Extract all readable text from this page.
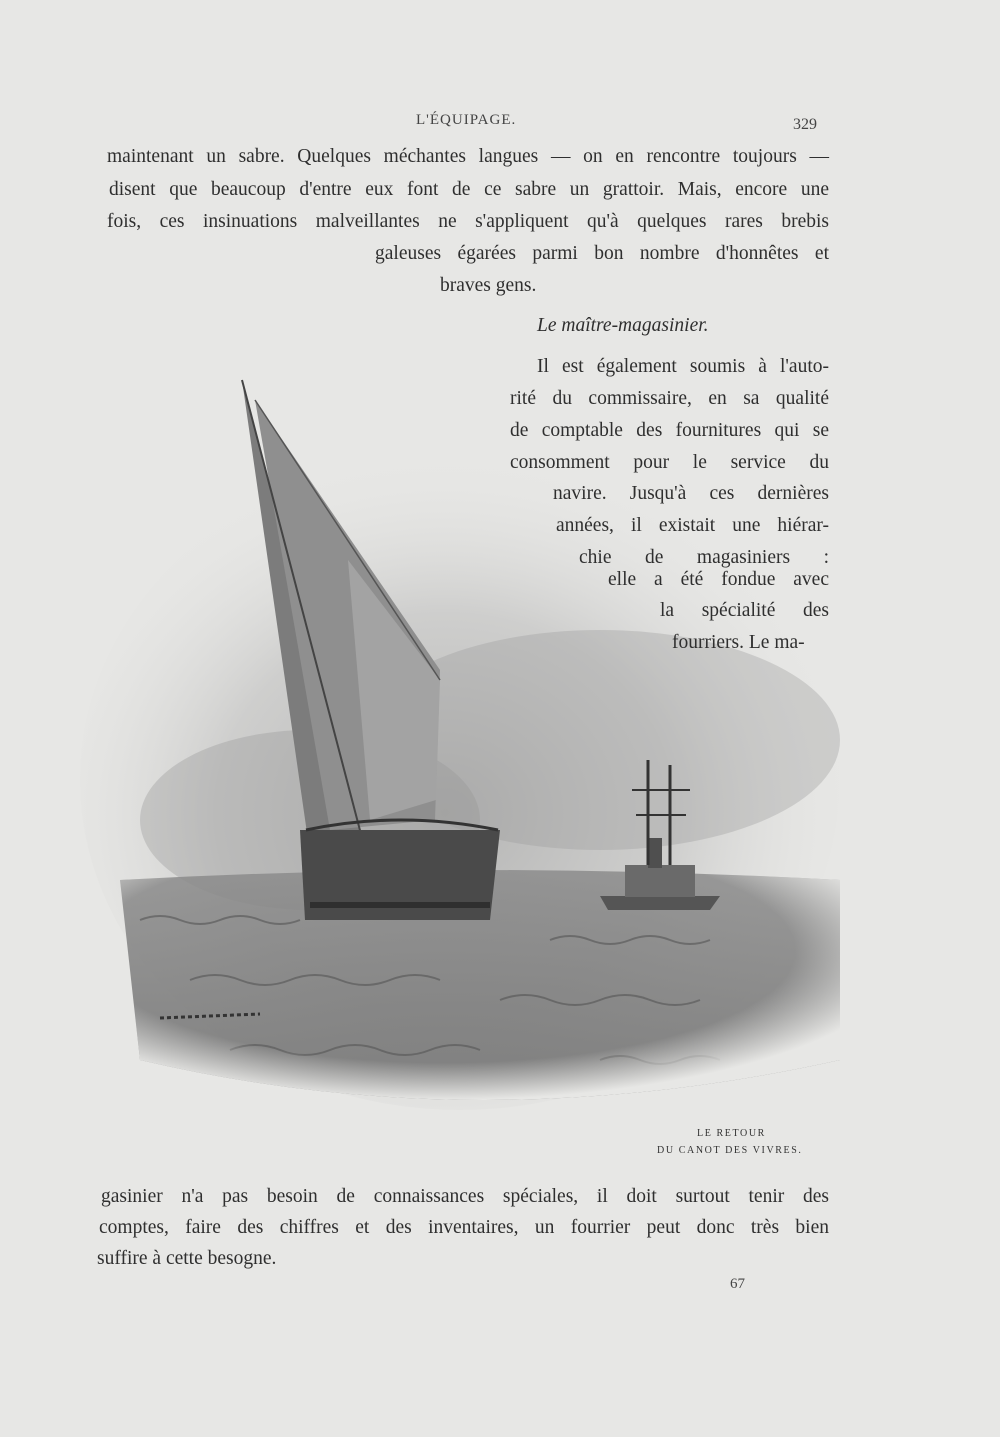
L'ÉQUIPAGE.	329
maintenant un sabre. Quelques méchantes langues — on en rencontre toujours —
disent que beaucoup d'entre eux font de ce sabre un grattoir. Mais, encore une
fois, ces insinuations malveillantes ne s'appliquent qu'à quelques rares brebis
galeuses égarées parmi bon nombre d'honnêtes et
braves gens.
Le maître-magasinier.
Il est également soumis à l'auto-
rité du commissaire, en sa qualité
de comptable des fournitures qui se
consomment pour le service du
navire. Jusqu'à ces dernières
années, il existait une hiérar-
chie de magasiniers :
elle a été fondue avec
la spécialité des
fourriers. Le ma-
LE RETOUR
DU CANOT DES VIVRES.
gasinier n'a pas besoin de connaissances spéciales, il doit surtout tenir des
comptes, faire des chiffres et des inventaires, un fourrier peut donc très bien
suffire à cette besogne.
67
